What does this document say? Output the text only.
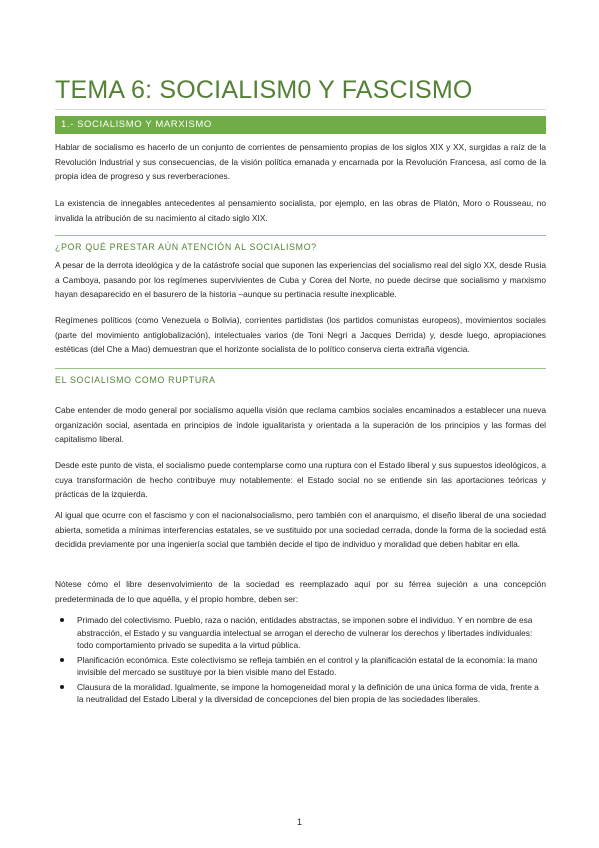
TEMA 6: SOCIALISM0 Y FASCISMO
1.- SOCIALISMO Y MARXISMO

Hablar de socialismo es hacerlo de un conjunto de corrientes de pensamiento propias de los siglos XIX y XX, surgidas a raíz de la Revolución Industrial y sus consecuencias, de la visión política emanada y encarnada por la Revolución Francesa, así como de la propia idea de progreso y sus reverberaciones.

La existencia de innegables antecedentes al pensamiento socialista, por ejemplo, en las obras de Platón, Moro o Rousseau, no invalida la atribución de su nacimiento al citado siglo XIX.

¿POR QUÉ PRESTAR AÚN ATENCIÓN AL SOCIALISMO?

A pesar de la derrota ideológica y de la catástrofe social que suponen las experiencias del socialismo real del siglo XX, desde Rusia a Camboya, pasando por los regímenes supervivientes de Cuba y Corea del Norte, no puede decirse que socialismo y marxismo hayan desaparecido en el basurero de la historia –aunque su pertinacia resulte inexplicable.

Regímenes políticos (como Venezuela o Bolivia), corrientes partidistas (los partidos comunistas europeos), movimientos sociales (parte del movimiento antiglobalización), intelectuales varios (de Toni Negri a Jacques Derrida) y, desde luego, apropiaciones estéticas (del Che a Mao) demuestran que el horizonte socialista de lo político conserva cierta extraña vigencia.

EL SOCIALISMO COMO RUPTURA

Cabe entender de modo general por socialismo aquella visión que reclama cambios sociales encaminados a establecer una nueva organización social, asentada en principios de índole igualitarista y orientada a la superación de los principios y las formas del capitalismo liberal.

Desde este punto de vista, el socialismo puede contemplarse como una ruptura con el Estado liberal y sus supuestos ideológicos, a cuya transformación de hecho contribuye muy notablemente: el Estado social no se entiende sin las aportaciones teóricas y prácticas de la izquierda.

Al igual que ocurre con el fascismo y con el nacionalsocialismo, pero también con el anarquismo, el diseño liberal de una sociedad abierta, sometida a mínimas interferencias estatales, se ve sustituido por una sociedad cerrada, donde la forma de la sociedad está decidida previamente por una ingeniería social que también decide el tipo de individuo y moralidad que deben habitar en ella.

Nótese cómo el libre desenvolvimiento de la sociedad es reemplazado aquí por su férrea sujeción a una concepción predeterminada de lo que aquélla, y el propio hombre, deben ser:

Primado del colectivismo. Pueblo, raza o nación, entidades abstractas, se imponen sobre el individuo. Y en nombre de esa abstracción, el Estado y su vanguardia intelectual se arrogan el derecho de vulnerar los derechos y libertades individuales: todo comportamiento privado se supedita a la virtud pública.
Planificación económica. Este colectivismo se refleja también en el control y la planificación estatal de la economía: la mano invisible del mercado se sustituye por la bien visible mano del Estado.
Clausura de la moralidad. Igualmente, se impone la homogeneidad moral y la definición de una única forma de vida, frente a la neutralidad del Estado Liberal y la diversidad de concepciones del bien propia de las sociedades liberales.
1
